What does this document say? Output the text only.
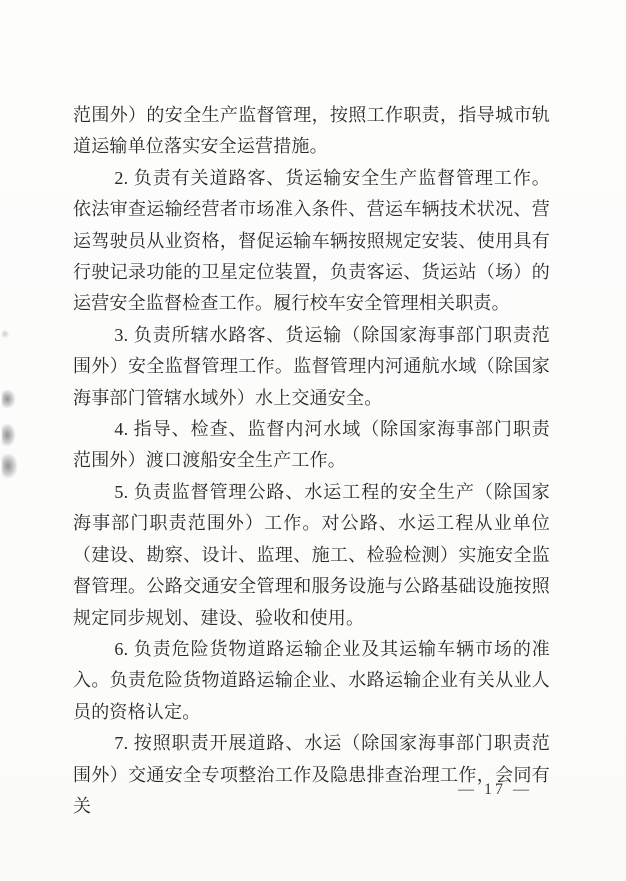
范围外）的安全生产监督管理，按照工作职责，指导城市轨道运输单位落实安全运营措施。

2. 负责有关道路客、货运输安全生产监督管理工作。依法审查运输经营者市场准入条件、营运车辆技术状况、营运驾驶员从业资格，督促运输车辆按照规定安装、使用具有行驶记录功能的卫星定位装置，负责客运、货运站（场）的运营安全监督检查工作。履行校车安全管理相关职责。

3. 负责所辖水路客、货运输（除国家海事部门职责范围外）安全监督管理工作。监督管理内河通航水域（除国家海事部门管辖水域外）水上交通安全。

4. 指导、检查、监督内河水域（除国家海事部门职责范围外）渡口渡船安全生产工作。

5. 负责监督管理公路、水运工程的安全生产（除国家海事部门职责范围外）工作。对公路、水运工程从业单位（建设、勘察、设计、监理、施工、检验检测）实施安全监督管理。公路交通安全管理和服务设施与公路基础设施按照规定同步规划、建设、验收和使用。

6. 负责危险货物道路运输企业及其运输车辆市场的准入。负责危险货物道路运输企业、水路运输企业有关从业人员的资格认定。

7. 按照职责开展道路、水运（除国家海事部门职责范围外）交通安全专项整治工作及隐患排查治理工作，会同有关

— 17 —
